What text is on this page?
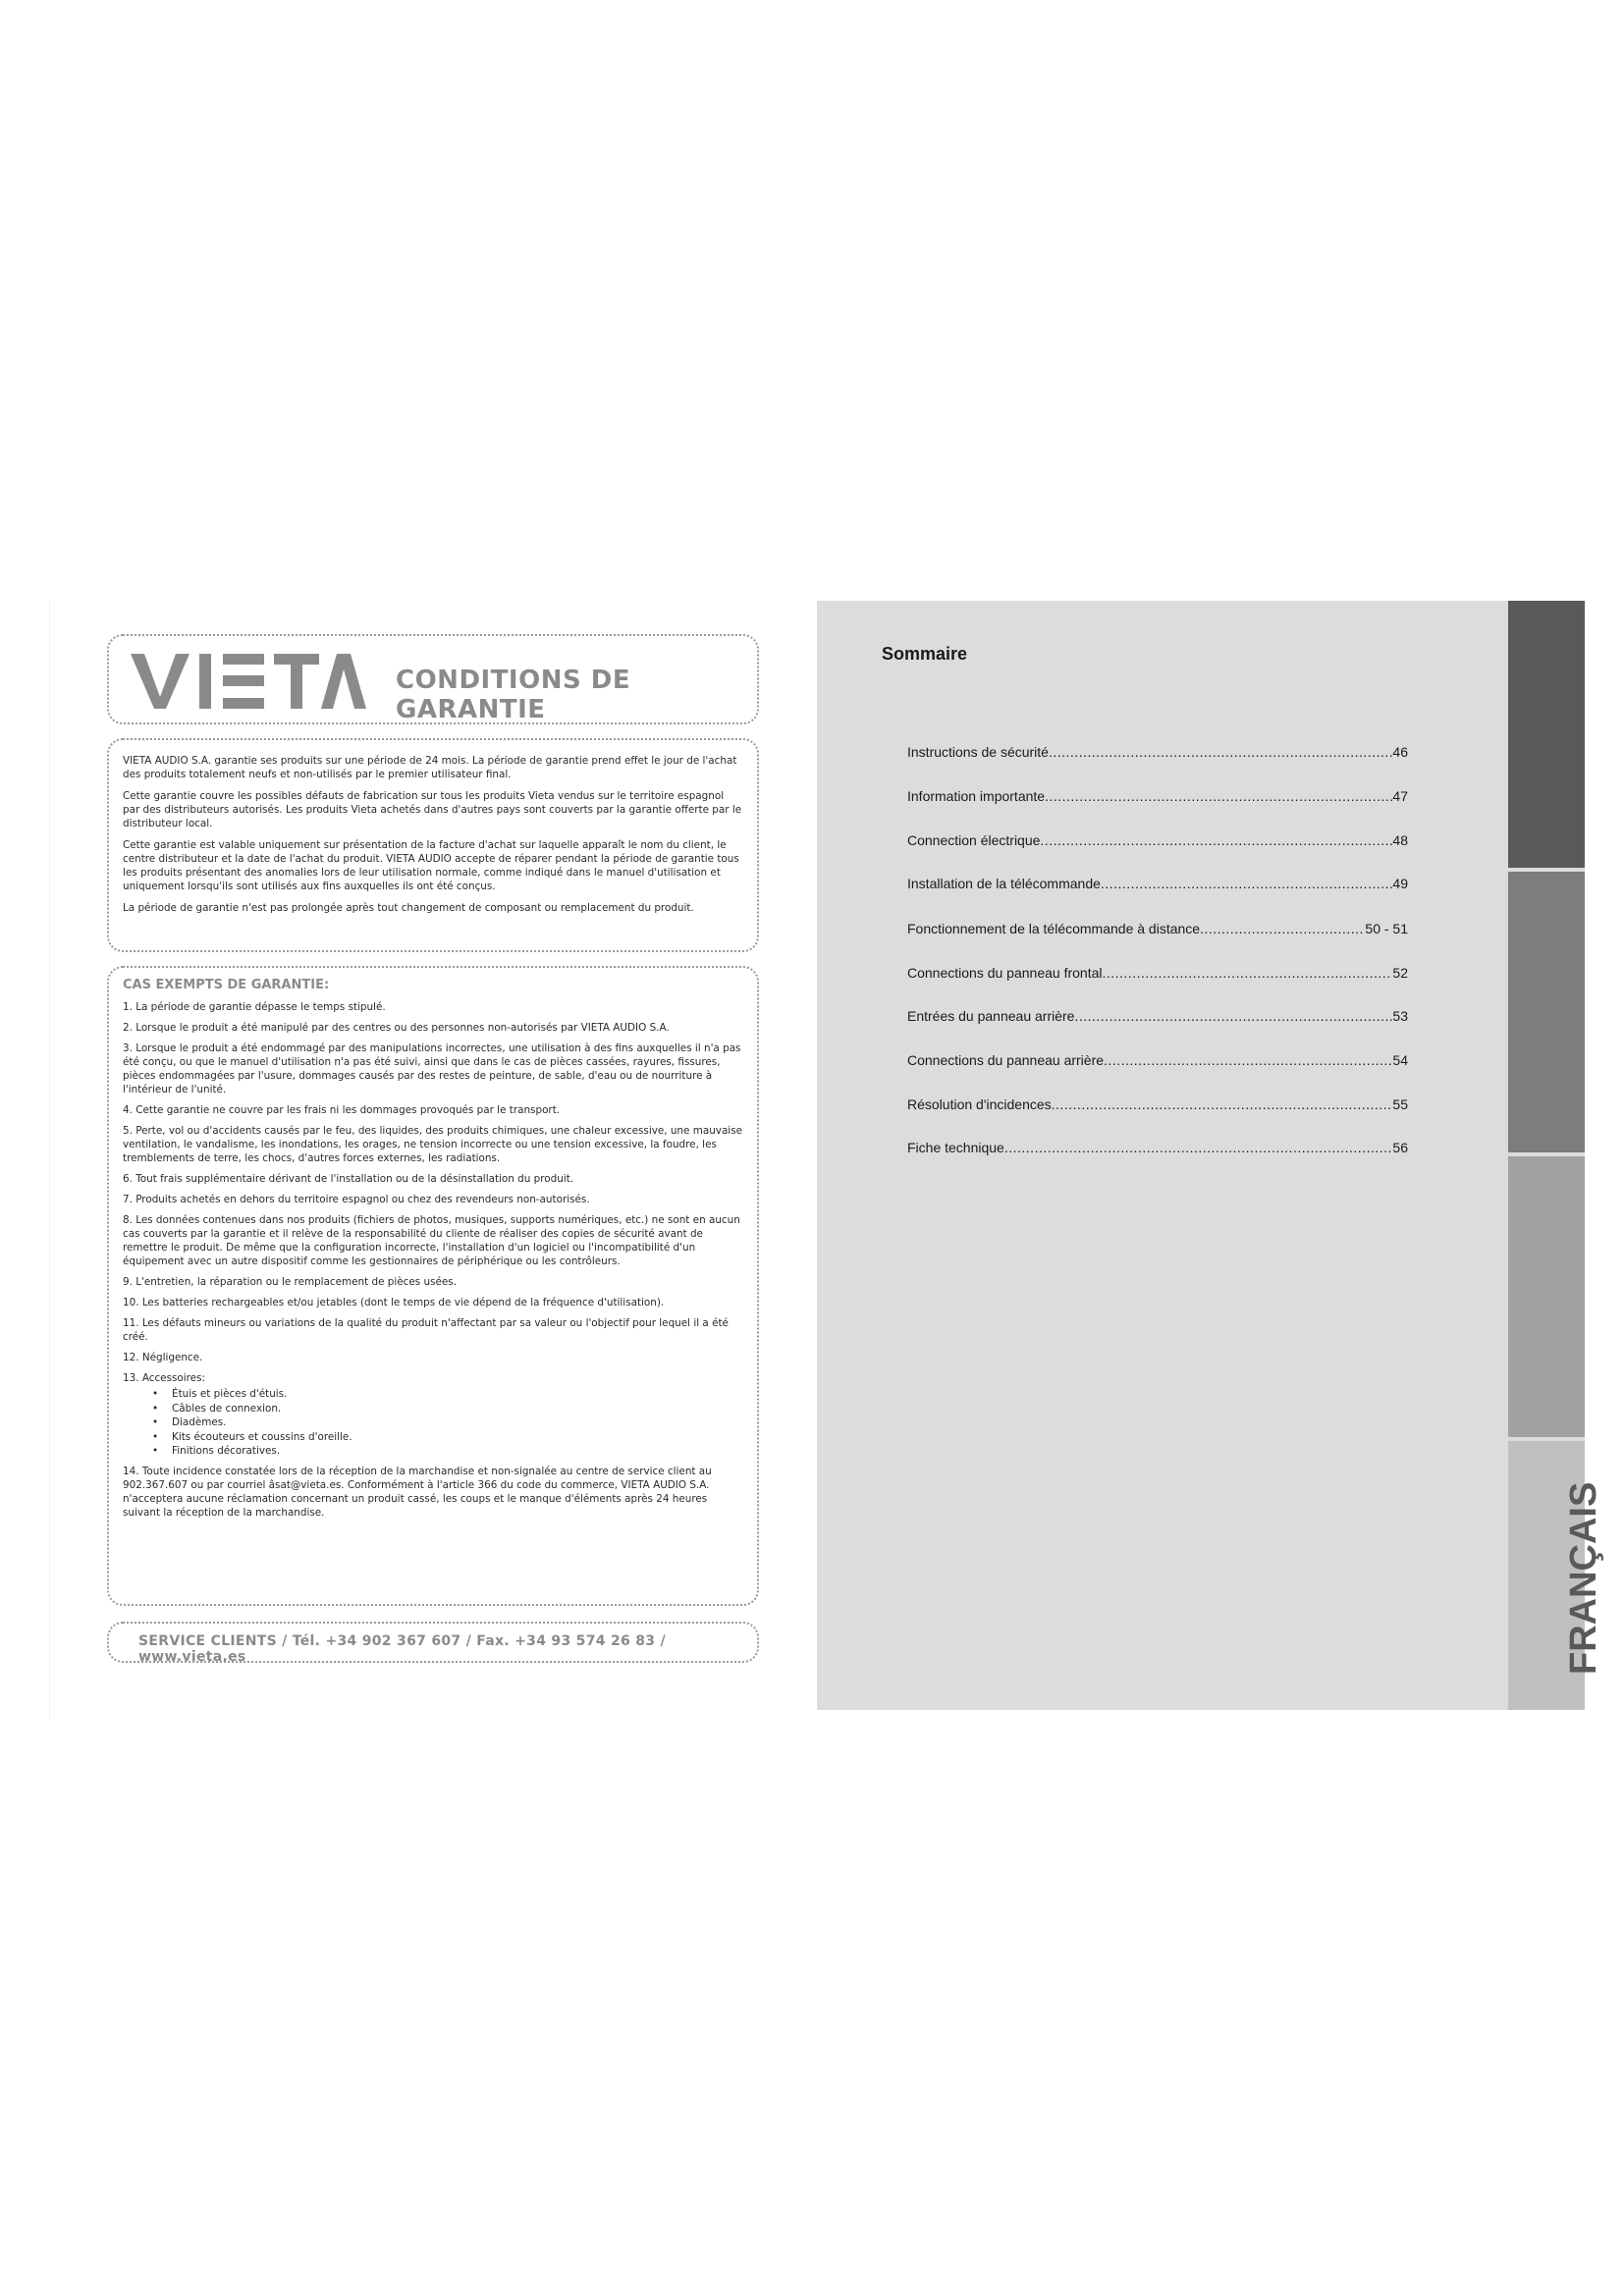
CONDITIONS DE GARANTIE

VIETA AUDIO S.A. garantie ses produits sur une période de 24 mois. La période de garantie prend effet le jour de l'achat des produits totalement neufs et non-utilisés par le premier utilisateur final.

Cette garantie couvre les possibles défauts de fabrication sur tous les produits Vieta vendus sur le territoire espagnol par des distributeurs autorisés. Les produits Vieta achetés dans d'autres pays sont couverts par la garantie offerte par le distributeur local.

Cette garantie est valable uniquement sur présentation de la facture d'achat sur laquelle apparaît le nom du client, le centre distributeur et la date de l'achat du produit. VIETA AUDIO accepte de réparer pendant la période de garantie tous les produits présentant des anomalies lors de leur utilisation normale, comme indiqué dans le manuel d'utilisation et uniquement lorsqu'ils sont utilisés aux fins auxquelles ils ont été conçus.

La période de garantie n'est pas prolongée après tout changement de composant ou remplacement du produit.

CAS EXEMPTS DE GARANTIE:

1. La période de garantie dépasse le temps stipulé.

2. Lorsque le produit a été manipulé par des centres ou des personnes non-autorisés par VIETA AUDIO S.A.

3. Lorsque le produit a été endommagé par des manipulations incorrectes, une utilisation à des fins auxquelles il n'a pas été conçu, ou que le manuel d'utilisation n'a pas été suivi, ainsi que dans le cas de pièces cassées, rayures, fissures, pièces endommagées par l'usure, dommages causés par des restes de peinture, de sable, d'eau ou de nourriture à l'intérieur de l'unité.

4. Cette garantie ne couvre par les frais ni les dommages provoqués par le transport.

5. Perte, vol ou d'accidents causés par le feu, des liquides, des produits chimiques, une chaleur excessive, une mauvaise ventilation, le vandalisme, les inondations, les orages, ne tension incorrecte ou une tension excessive, la foudre, les tremblements de terre, les chocs, d'autres forces externes, les radiations.

6. Tout frais supplémentaire dérivant de l'installation ou de la désinstallation du produit.

7. Produits achetés en dehors du territoire espagnol ou chez des revendeurs non-autorisés.

8. Les données contenues dans nos produits (fichiers de photos, musiques, supports numériques, etc.) ne sont en aucun cas couverts par la garantie et il relève de la responsabilité du cliente de réaliser des copies de sécurité avant de remettre le produit. De même que la configuration incorrecte, l'installation d'un logiciel ou l'incompatibilité d'un équipement avec un autre dispositif comme les gestionnaires de périphérique ou les contrôleurs.

9. L'entretien, la réparation ou le remplacement de pièces usées.

10. Les batteries rechargeables et/ou jetables (dont le temps de vie dépend de la fréquence d'utilisation).

11. Les défauts mineurs ou variations de la qualité du produit n'affectant par sa valeur ou l'objectif pour lequel il a été créé.

12. Négligence.

13. Accessoires:

• Étuis et pièces d'étuis.
• Câbles de connexion.
• Diadèmes.
• Kits écouteurs et coussins d'oreille.
• Finitions décoratives.

14. Toute incidence constatée lors de la réception de la marchandise et non-signalée au centre de service client au 902.367.607 ou par courriel âsat@vieta.es. Conformément à l'article 366 du code du commerce, VIETA AUDIO S.A. n'acceptera aucune réclamation concernant un produit cassé, les coups et le manque d'éléments après 24 heures suivant la réception de la marchandise.

SERVICE CLIENTS / Tél. +34 902 367 607 / Fax. +34 93 574 26 83 / www.vieta.es

Sommaire
Instructions de sécurité .....	46
Information importante .....	47
Connection électrique .....	48
Installation de la télécommande .....	49
Fonctionnement de la télécommande à distance .....	50 - 51
Connections du panneau frontal .....	52
Entrées du panneau arrière .....	53
Connections du panneau arrière .....	54
Résolution d'incidences .....	55
Fiche technique .....	56
FRANÇAIS
